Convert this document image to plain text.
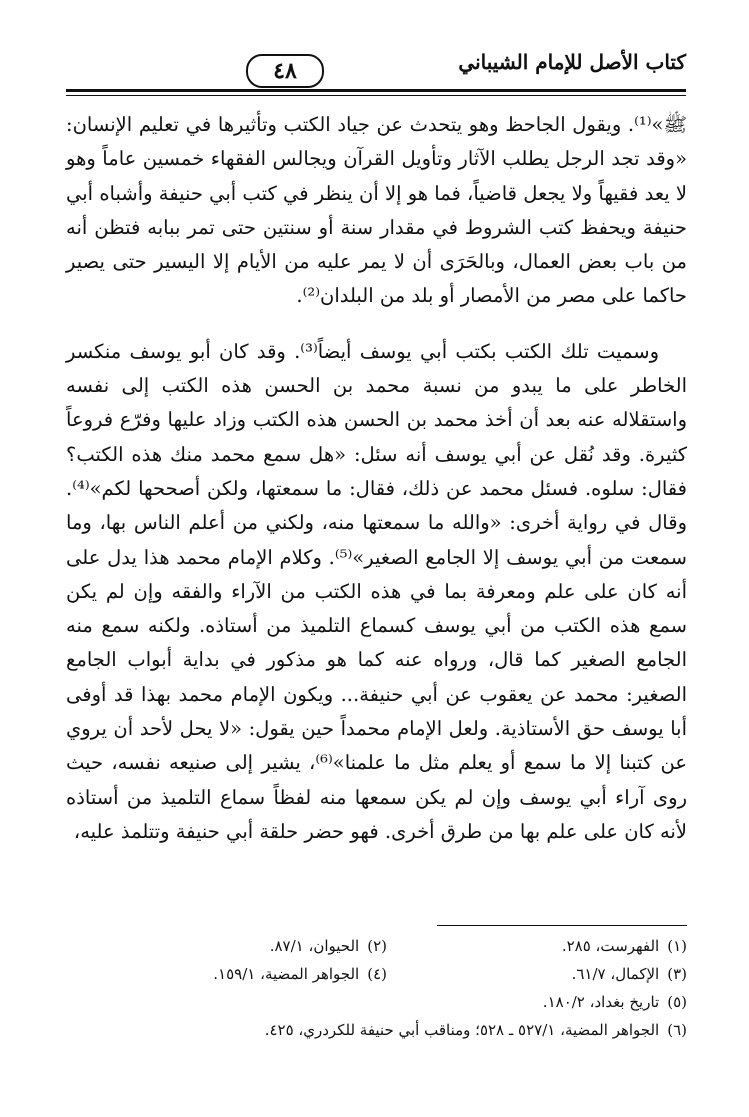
كتاب الأصل للإمام الشيباني
٤٨

ﷺ»⁽¹⁾. ويقول الجاحظ وهو يتحدث عن جياد الكتب وتأثيرها في تعليم الإنسان: «وقد تجد الرجل يطلب الآثار وتأويل القرآن ويجالس الفقهاء خمسين عاماً وهو لا يعد فقيهاً ولا يجعل قاضياً، فما هو إلا أن ينظر في كتب أبي حنيفة وأشباه أبي حنيفة ويحفظ كتب الشروط في مقدار سنة أو سنتين حتى تمر ببابه فتظن أنه من باب بعض العمال، وبالحَرَى أن لا يمر عليه من الأيام إلا اليسير حتى يصير حاكما على مصر من الأمصار أو بلد من البلدان⁽²⁾.

وسميت تلك الكتب بكتب أبي يوسف أيضاً⁽³⁾. وقد كان أبو يوسف منكسر الخاطر على ما يبدو من نسبة محمد بن الحسن هذه الكتب إلى نفسه واستقلاله عنه بعد أن أخذ محمد بن الحسن هذه الكتب وزاد عليها وفرّع فروعاً كثيرة. وقد نُقل عن أبي يوسف أنه سئل: «هل سمع محمد منك هذه الكتب؟ فقال: سلوه. فسئل محمد عن ذلك، فقال: ما سمعتها، ولكن أصححها لكم»⁽⁴⁾. وقال في رواية أخرى: «والله ما سمعتها منه، ولكني من أعلم الناس بها، وما سمعت من أبي يوسف إلا الجامع الصغير»⁽⁵⁾. وكلام الإمام محمد هذا يدل على أنه كان على علم ومعرفة بما في هذه الكتب من الآراء والفقه وإن لم يكن سمع هذه الكتب من أبي يوسف كسماع التلميذ من أستاذه. ولكنه سمع منه الجامع الصغير كما قال، ورواه عنه كما هو مذكور في بداية أبواب الجامع الصغير: محمد عن يعقوب عن أبي حنيفة... ويكون الإمام محمد بهذا قد أوفى أبا يوسف حق الأستاذية. ولعل الإمام محمداً حين يقول: «لا يحل لأحد أن يروي عن كتبنا إلا ما سمع أو يعلم مثل ما علمنا»⁽⁶⁾، يشير إلى صنيعه نفسه، حيث روى آراء أبي يوسف وإن لم يكن سمعها منه لفظاً سماع التلميذ من أستاذه لأنه كان على علم بها من طرق أخرى. فهو حضر حلقة أبي حنيفة وتتلمذ عليه،

(١)الفهرست، ٢٨٥.
(٢)الحيوان، ٨٧/١.
(٣)الإكمال، ٦١/٧.
(٤)الجواهر المضية، ١٥٩/١.
(٥)تاريخ بغداد، ١٨٠/٢.
(٦)الجواهر المضية، ٥٢٧/١ ـ ٥٢٨؛ ومناقب أبي حنيفة للكردري، ٤٢٥.
